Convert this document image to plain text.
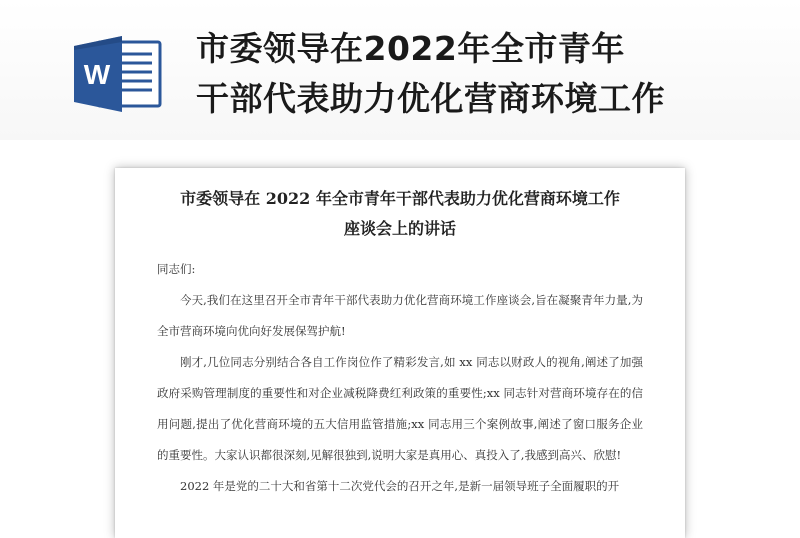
W
市委领导在2022年全市青年
干部代表助力优化营商环境工作
市委领导在 2022 年全市青年干部代表助力优化营商环境工作
座谈会上的讲话

同志们:

今天,我们在这里召开全市青年干部代表助力优化营商环境工作座谈会,旨在凝聚青年力量,为全市营商环境向优向好发展保驾护航!

刚才,几位同志分别结合各自工作岗位作了精彩发言,如 xx 同志以财政人的视角,阐述了加强政府采购管理制度的重要性和对企业减税降费红利政策的重要性;xx 同志针对营商环境存在的信用问题,提出了优化营商环境的五大信用监管措施;xx 同志用三个案例故事,阐述了窗口服务企业的重要性。大家认识都很深刻,见解很独到,说明大家是真用心、真投入了,我感到高兴、欣慰!

2022 年是党的二十大和省第十二次党代会的召开之年,是新一届领导班子全面履职的开
